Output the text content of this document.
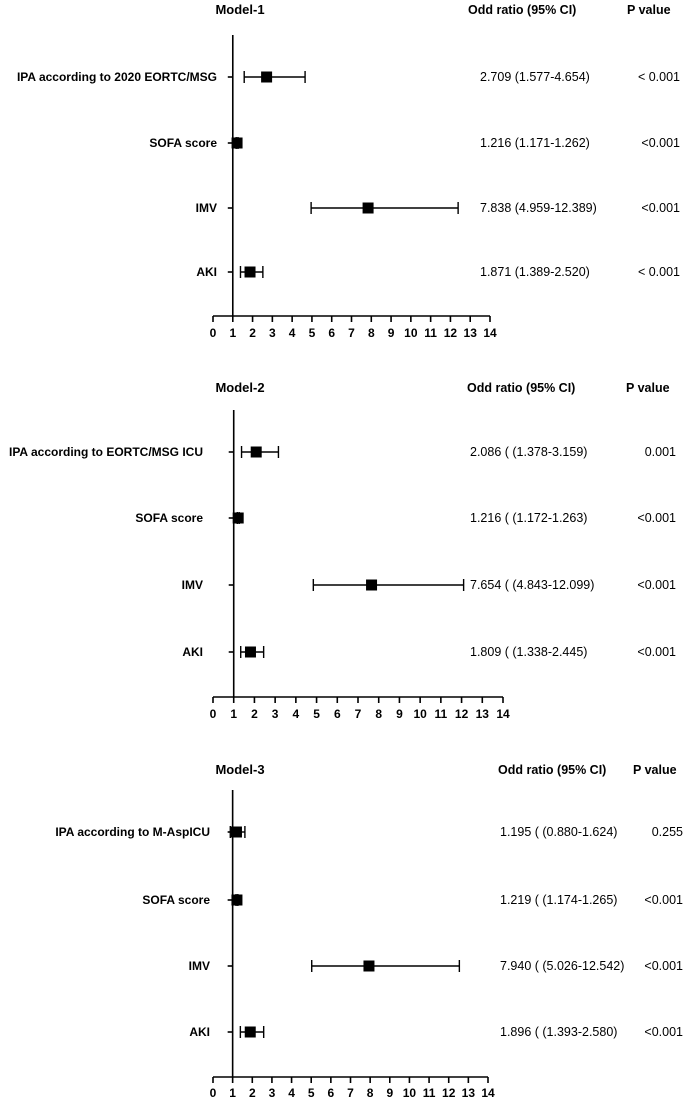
Model-1	Odd ratio (95% CI)	P value
0 1 2 3 4 5 6 7 8 9 10 11 12 13 14
IPA according to 2020 EORTC/MSG	2.709 (1.577-4.654)	< 0.001
SOFA score	1.216 (1.171-1.262)	<0.001
IMV	7.838 (4.959-12.389)	<0.001
AKI	1.871 (1.389-2.520)	< 0.001
Model-2	Odd ratio (95% CI)	P value
0 1 2 3 4 5 6 7 8 9 10 11 12 13 14
IPA according to EORTC/MSG ICU	2.086 ( (1.378-3.159)	0.001
SOFA score	1.216 ( (1.172-1.263)	<0.001
IMV	7.654 ( (4.843-12.099)	<0.001
AKI	1.809 ( (1.338-2.445)	<0.001
Model-3	Odd ratio (95% CI) P value
0 1 2 3 4 5 6 7 8 9 10 11 12 13 14
IPA according to M-AspICU	1.195 ( (0.880-1.624)	0.255
SOFA score	1.219 ( (1.174-1.265) <0.001
IMV	7.940 ( (5.026-12.542) <0.001
AKI	1.896 ( (1.393-2.580) <0.001
